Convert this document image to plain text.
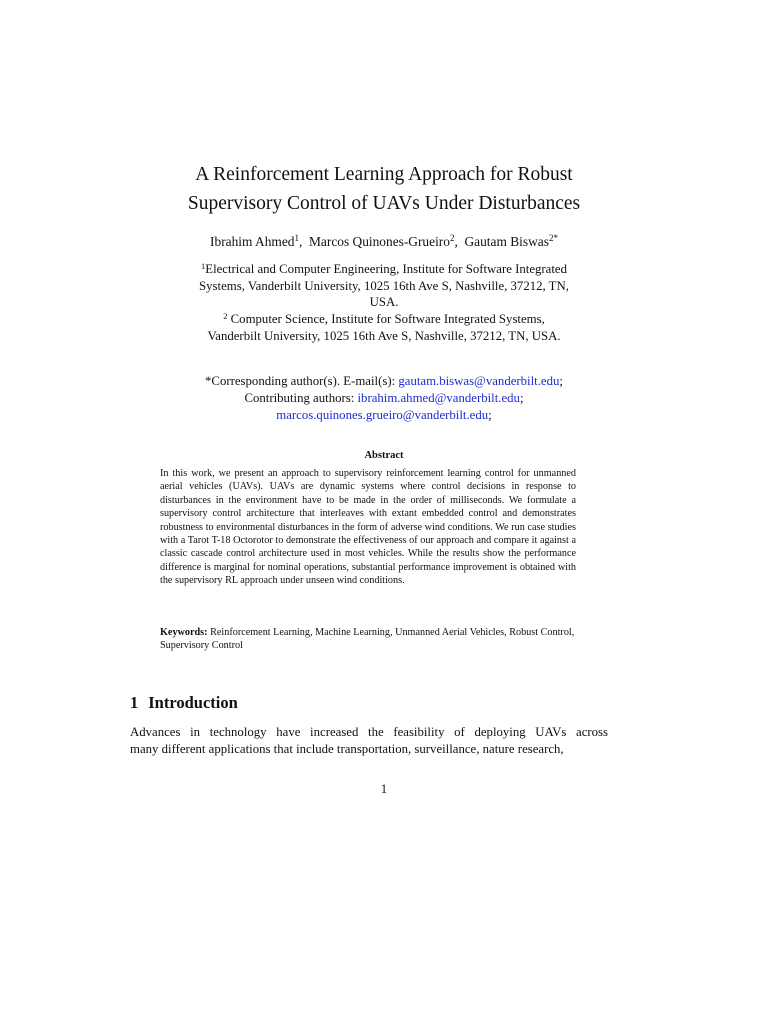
A Reinforcement Learning Approach for Robust
Supervisory Control of UAVs Under Disturbances
Ibrahim Ahmed$^1$,  Marcos Quinones-Grueiro$^2$,  Gautam Biswas$^{2*}$
$^1$Electrical and Computer Engineering, Institute for Software Integrated
Systems, Vanderbilt University, 1025 16th Ave S, Nashville, 37212, TN,
USA.
$^2$ Computer Science, Institute for Software Integrated Systems,
Vanderbilt University, 1025 16th Ave S, Nashville, 37212, TN, USA.
*Corresponding author(s). E-mail(s): gautam.biswas@vanderbilt.edu;
Contributing authors: ibrahim.ahmed@vanderbilt.edu;
marcos.quinones.grueiro@vanderbilt.edu;
Abstract
In this work, we present an approach to supervisory reinforcement learning control for unmanned aerial vehicles (UAVs). UAVs are dynamic systems where control decisions in response to disturbances in the environment have to be made in the order of milliseconds. We formulate a supervisory control architecture that interleaves with extant embedded control and demonstrates robustness to environmental disturbances in the form of adverse wind conditions. We run case studies with a Tarot T-18 Octorotor to demonstrate the effectiveness of our approach and compare it against a classic cascade control architecture used in most vehicles. While the results show the performance difference is marginal for nominal operations, substantial performance improvement is obtained with the supervisory RL approach under unseen wind conditions.
Keywords: Reinforcement Learning, Machine Learning, Unmanned Aerial Vehicles, Robust Control, Supervisory Control
1 Introduction
Advances in technology have increased the feasibility of deploying UAVs across
many different applications that include transportation, surveillance, nature research,
1
